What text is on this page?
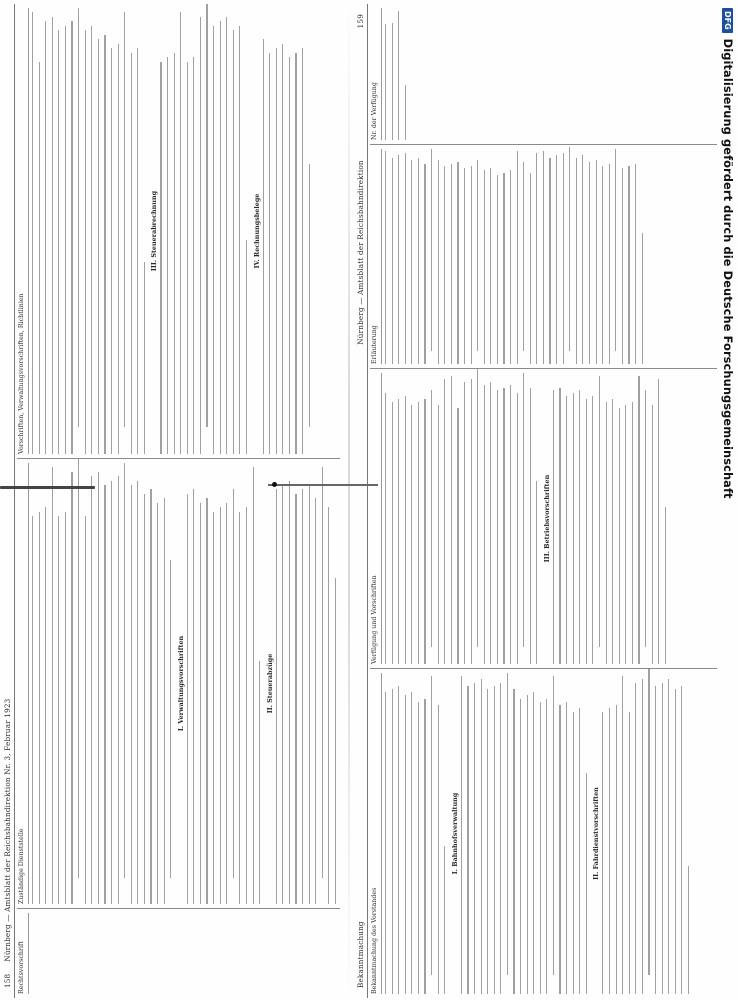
158
Nürnberg — Amtsblatt der Reichsbahndirektion Nr. 3, Februar 1923
Rechtsvorschrift
Zuständige Dienststelle
I. Verwaltungsvorschriften	II. Steuerabzüge
Vorschriften, Verwaltungsvorschriften, Richtlinien
III. Steuerabrechnung	IV. Rechnungsbelege
Bekanntmachung
Nürnberg — Amtsblatt der Reichsbahndirektion
159
Bekanntmachung des Vorstandes
I. Bahnhofsverwaltung	II. Fahrdienstvorschriften
Verfügung und Vorschriften
III. Betriebsvorschriften
Erläuterung
Nr. der Verfügung
DFG
Digitalisierung gefördert durch die Deutsche Forschungsgemeinschaft
